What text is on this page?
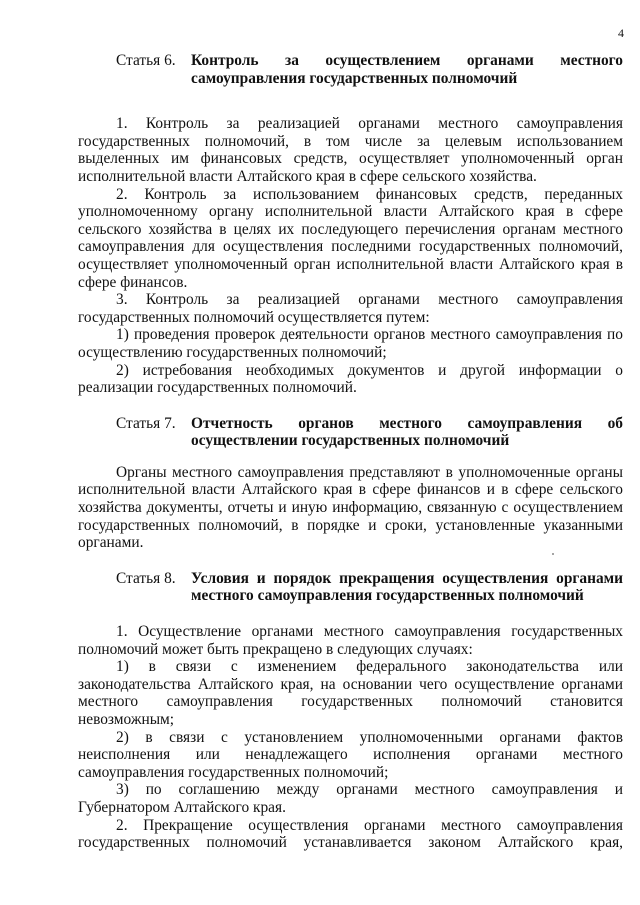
4
Статья 6. Контроль за осуществлением органами местного
самоуправления государственных полномочий

1. Контроль за реализацией органами местного самоуправления государственных полномочий, в том числе за целевым использованием выделенных им финансовых средств, осуществляет уполномоченный орган исполнительной власти Алтайского края в сфере сельского хозяйства.

2. Контроль за использованием финансовых средств, переданных уполномоченному органу исполнительной власти Алтайского края в сфере сельского хозяйства в целях их последующего перечисления органам местного самоуправления для осуществления последними государственных полномочий, осуществляет уполномоченный орган исполнительной власти Алтайского края в сфере финансов.

3. Контроль за реализацией органами местного самоуправления государственных полномочий осуществляется путем:

1) проведения проверок деятельности органов местного самоуправления по осуществлению государственных полномочий;

2) истребования необходимых документов и другой информации о реализации государственных полномочий.

Статья 7. Отчетность органов местного самоуправления об
осуществлении государственных полномочий

Органы местного самоуправления представляют в уполномоченные органы исполнительной власти Алтайского края в сфере финансов и в сфере сельского хозяйства документы, отчеты и иную информацию, связанную с осуществлением государственных полномочий, в порядке и сроки, установленные указанными органами.

Статья 8. Условия и порядок прекращения осуществления органами
местного самоуправления государственных полномочий

1. Осуществление органами местного самоуправления государственных полномочий может быть прекращено в следующих случаях:

1) в связи с изменением федерального законодательства или законодательства Алтайского края, на основании чего осуществление органами местного самоуправления государственных полномочий становится невозможным;

2) в связи с установлением уполномоченными органами фактов неисполнения или ненадлежащего исполнения органами местного самоуправления государственных полномочий;

3) по соглашению между органами местного самоуправления и Губернатором Алтайского края.

2. Прекращение осуществления органами местного самоуправления государственных полномочий устанавливается законом Алтайского края,
